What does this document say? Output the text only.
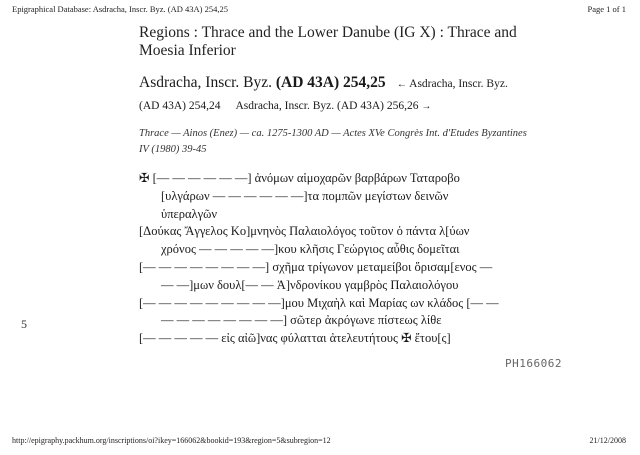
Epigraphical Database: Asdracha, Inscr. Byz. (AD 43A) 254,25	Page 1 of 1
Regions : Thrace and the Lower Danube (IG X) : Thrace and
Moesia Inferior
Asdracha, Inscr. Byz. (AD 43A) 254,25 ← Asdracha, Inscr. Byz.
(AD 43A) 254,24 Asdracha, Inscr. Byz. (AD 43A) 256,26 →
Thrace — Ainos (Enez) — ca. 1275-1300 AD — Actes XVe Congrès Int. d'Etudes Byzantines
IV (1980) 39-45
✠ [— — — — — —] ἀνόμων αἱμοχαρῶν βαρβάρων Ταταροβο
[υλγάρων — — — — — —]τα πομπῶν μεγίστων δεινῶν
ὑπεραλγῶν
[Δούκας Ἄγγελος Κο]μνηνὸς Παλαιολόγος τοῦτον ὁ πάντα λ[ύων
χρόνος — — — — —]κου κλῆσις Γεώργιος αὖθις δομεῖται
[— — — — — — — —] σχῆμα τρίγωνον μεταμείβοι ὅρισαμ[ενος —
— —]μων δουλ[— — Ἀ]νδρονίκου γαμβρὸς Παλαιολόγου
[— — — — — — — — —]μου Μιχαὴλ καὶ Μαρίας ων κλάδος [— —
— — — — — — — —] σῶτερ ἀκρόγωνε πίστεως λίθε
[— — — — — εἰς αἰῶ]νας φύλατται ἀτελευτήτους ✠ ἔτου[ς]
5
PH166062
http://epigraphy.packhum.org/inscriptions/oi?ikey=166062&bookid=193&region=5&subregion=12	21/12/2008
